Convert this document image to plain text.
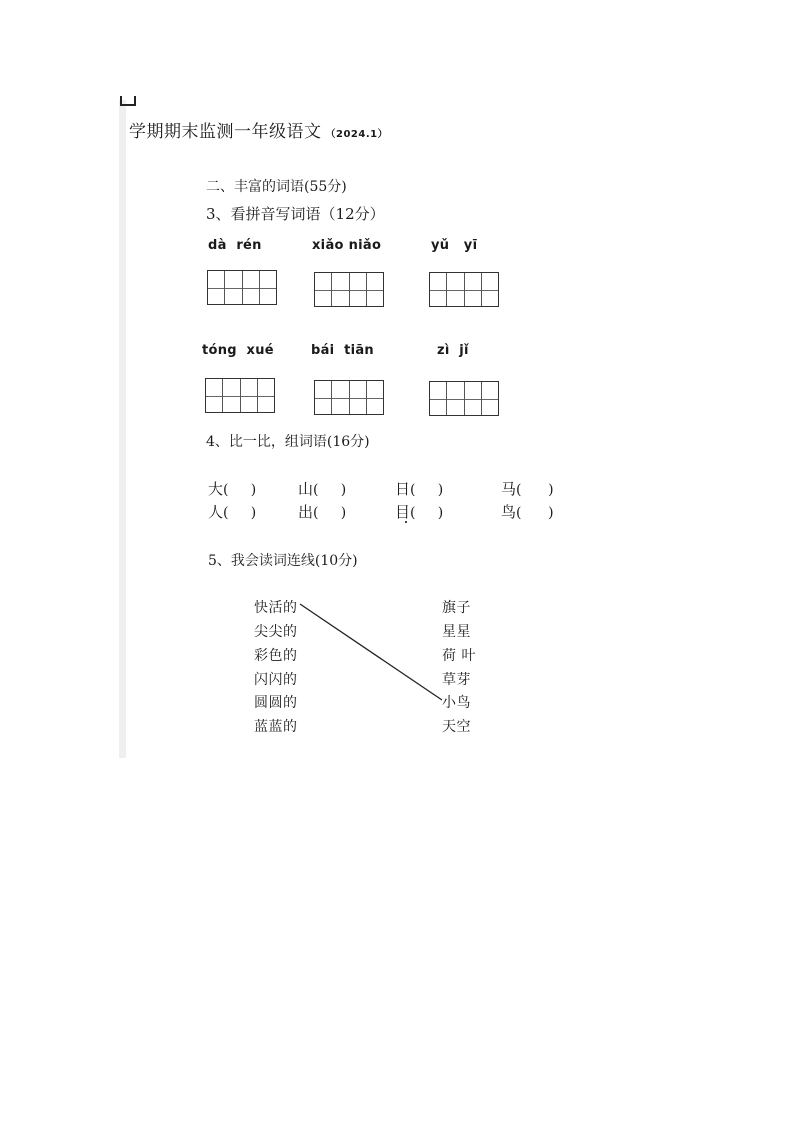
学期期末监测一年级语文 （2024.1）
二、丰富的词语(55分)
3、看拼音写词语（12分）
dà  rén	xiǎo niǎo	yǔ   yī
tóng  xué	bái  tiān	zì  jǐ
4、比一比，组词语(16分)
大(     )	山(     )	日(     )	马(      )
人(     )	出(     )	目(     )	鸟(      )
5、我会读词连线(10分)
快活的
尖尖的
彩色的
闪闪的
圆圆的
蓝蓝的
旗子
星星
荷 叶
草芽
小鸟
天空
